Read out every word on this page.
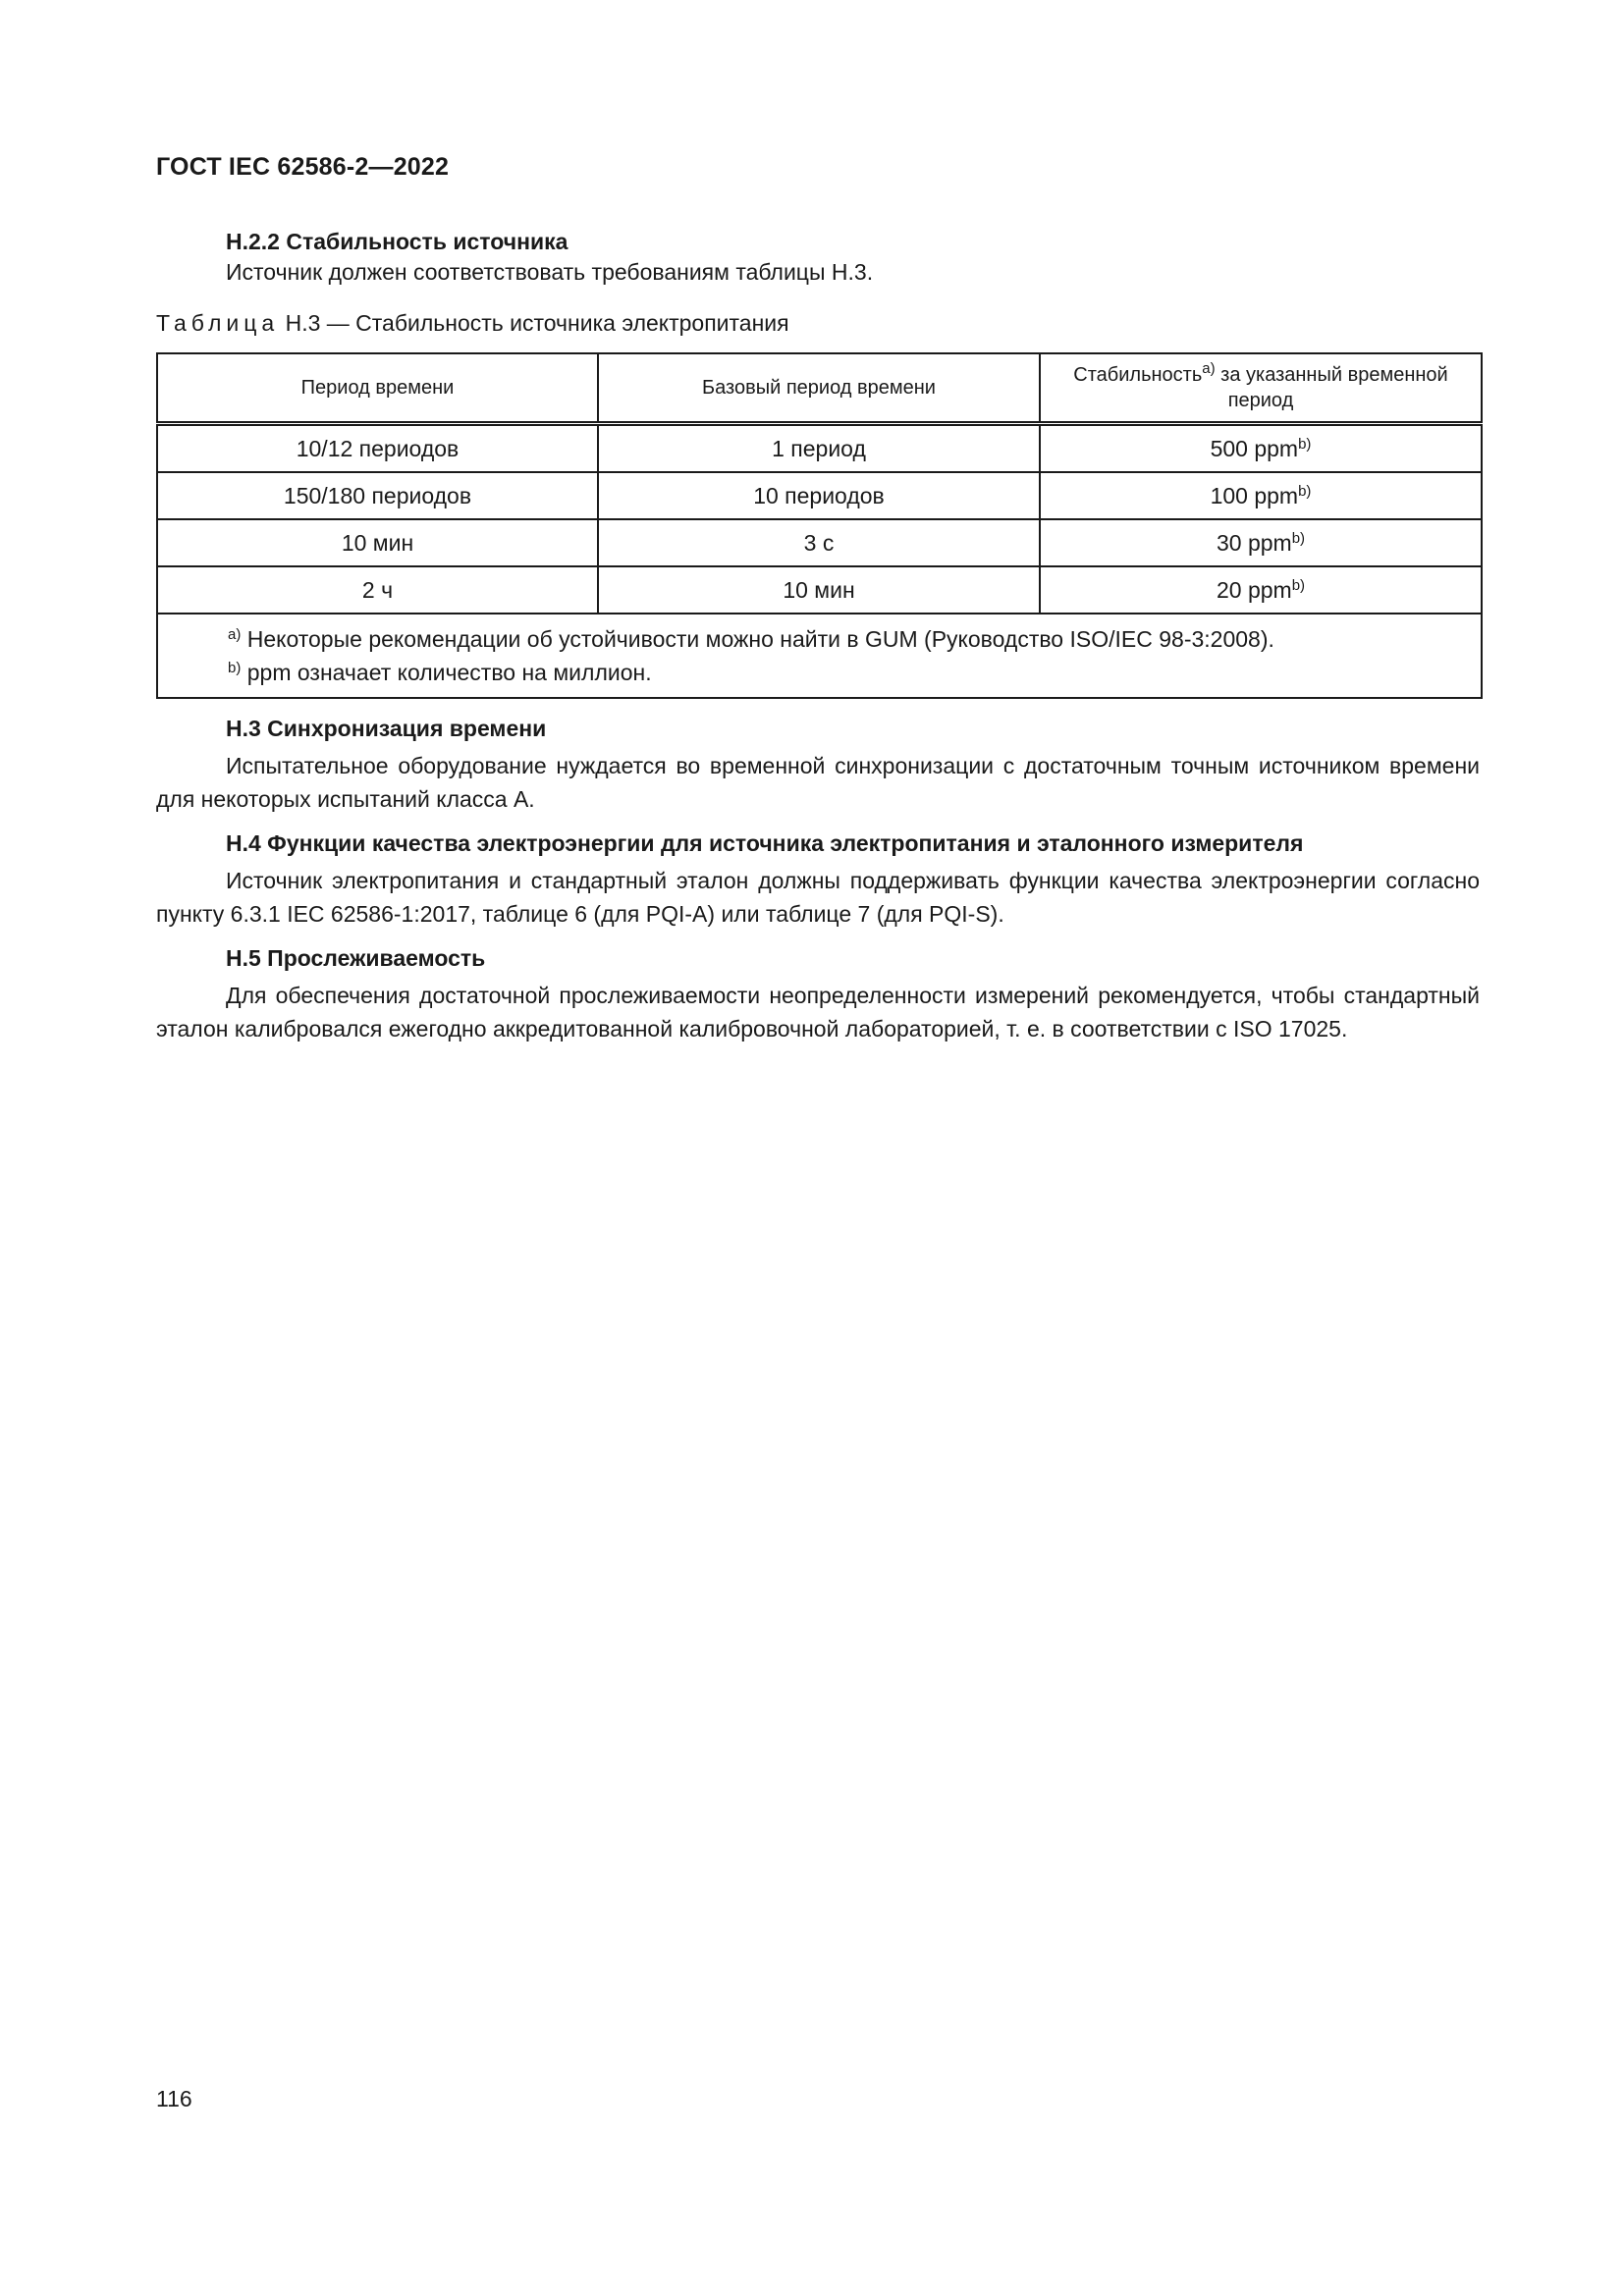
ГОСТ IEC 62586-2—2022
H.2.2 Стабильность источника
Источник должен соответствовать требованиям таблицы Н.3.
Таблица Н.3 — Стабильность источника электропитания
Период времени	Базовый период времени	Стабильность$^{а)}$ за указанный временной период
10/12 периодов	1 период	500 ppm$^{b)}$
150/180 периодов	10 периодов	100 ppm$^{b)}$
10 мин	3 с	30 ppm$^{b)}$
2 ч	10 мин	20 ppm$^{b)}$

$^{а)}$ Некоторые рекомендации об устойчивости можно найти в GUM (Руководство ISO/IEC 98-3:2008).
$^{b)}$ ppm означает количество на миллион.		
Н.3 Синхронизация времени
Испытательное оборудование нуждается во временной синхронизации с достаточным точным источником времени для некоторых испытаний класса А.
Н.4 Функции качества электроэнергии для источника электропитания и эталонного измерителя
Источник электропитания и стандартный эталон должны поддерживать функции качества электроэнергии согласно пункту 6.3.1 IEC 62586-1:2017, таблице 6 (для PQI-A) или таблице 7 (для PQI-S).
Н.5 Прослеживаемость
Для обеспечения достаточной прослеживаемости неопределенности измерений рекомендуется, чтобы стандартный эталон калибровался ежегодно аккредитованной калибровочной лабораторией, т. е. в соответствии с ISO 17025.
116
